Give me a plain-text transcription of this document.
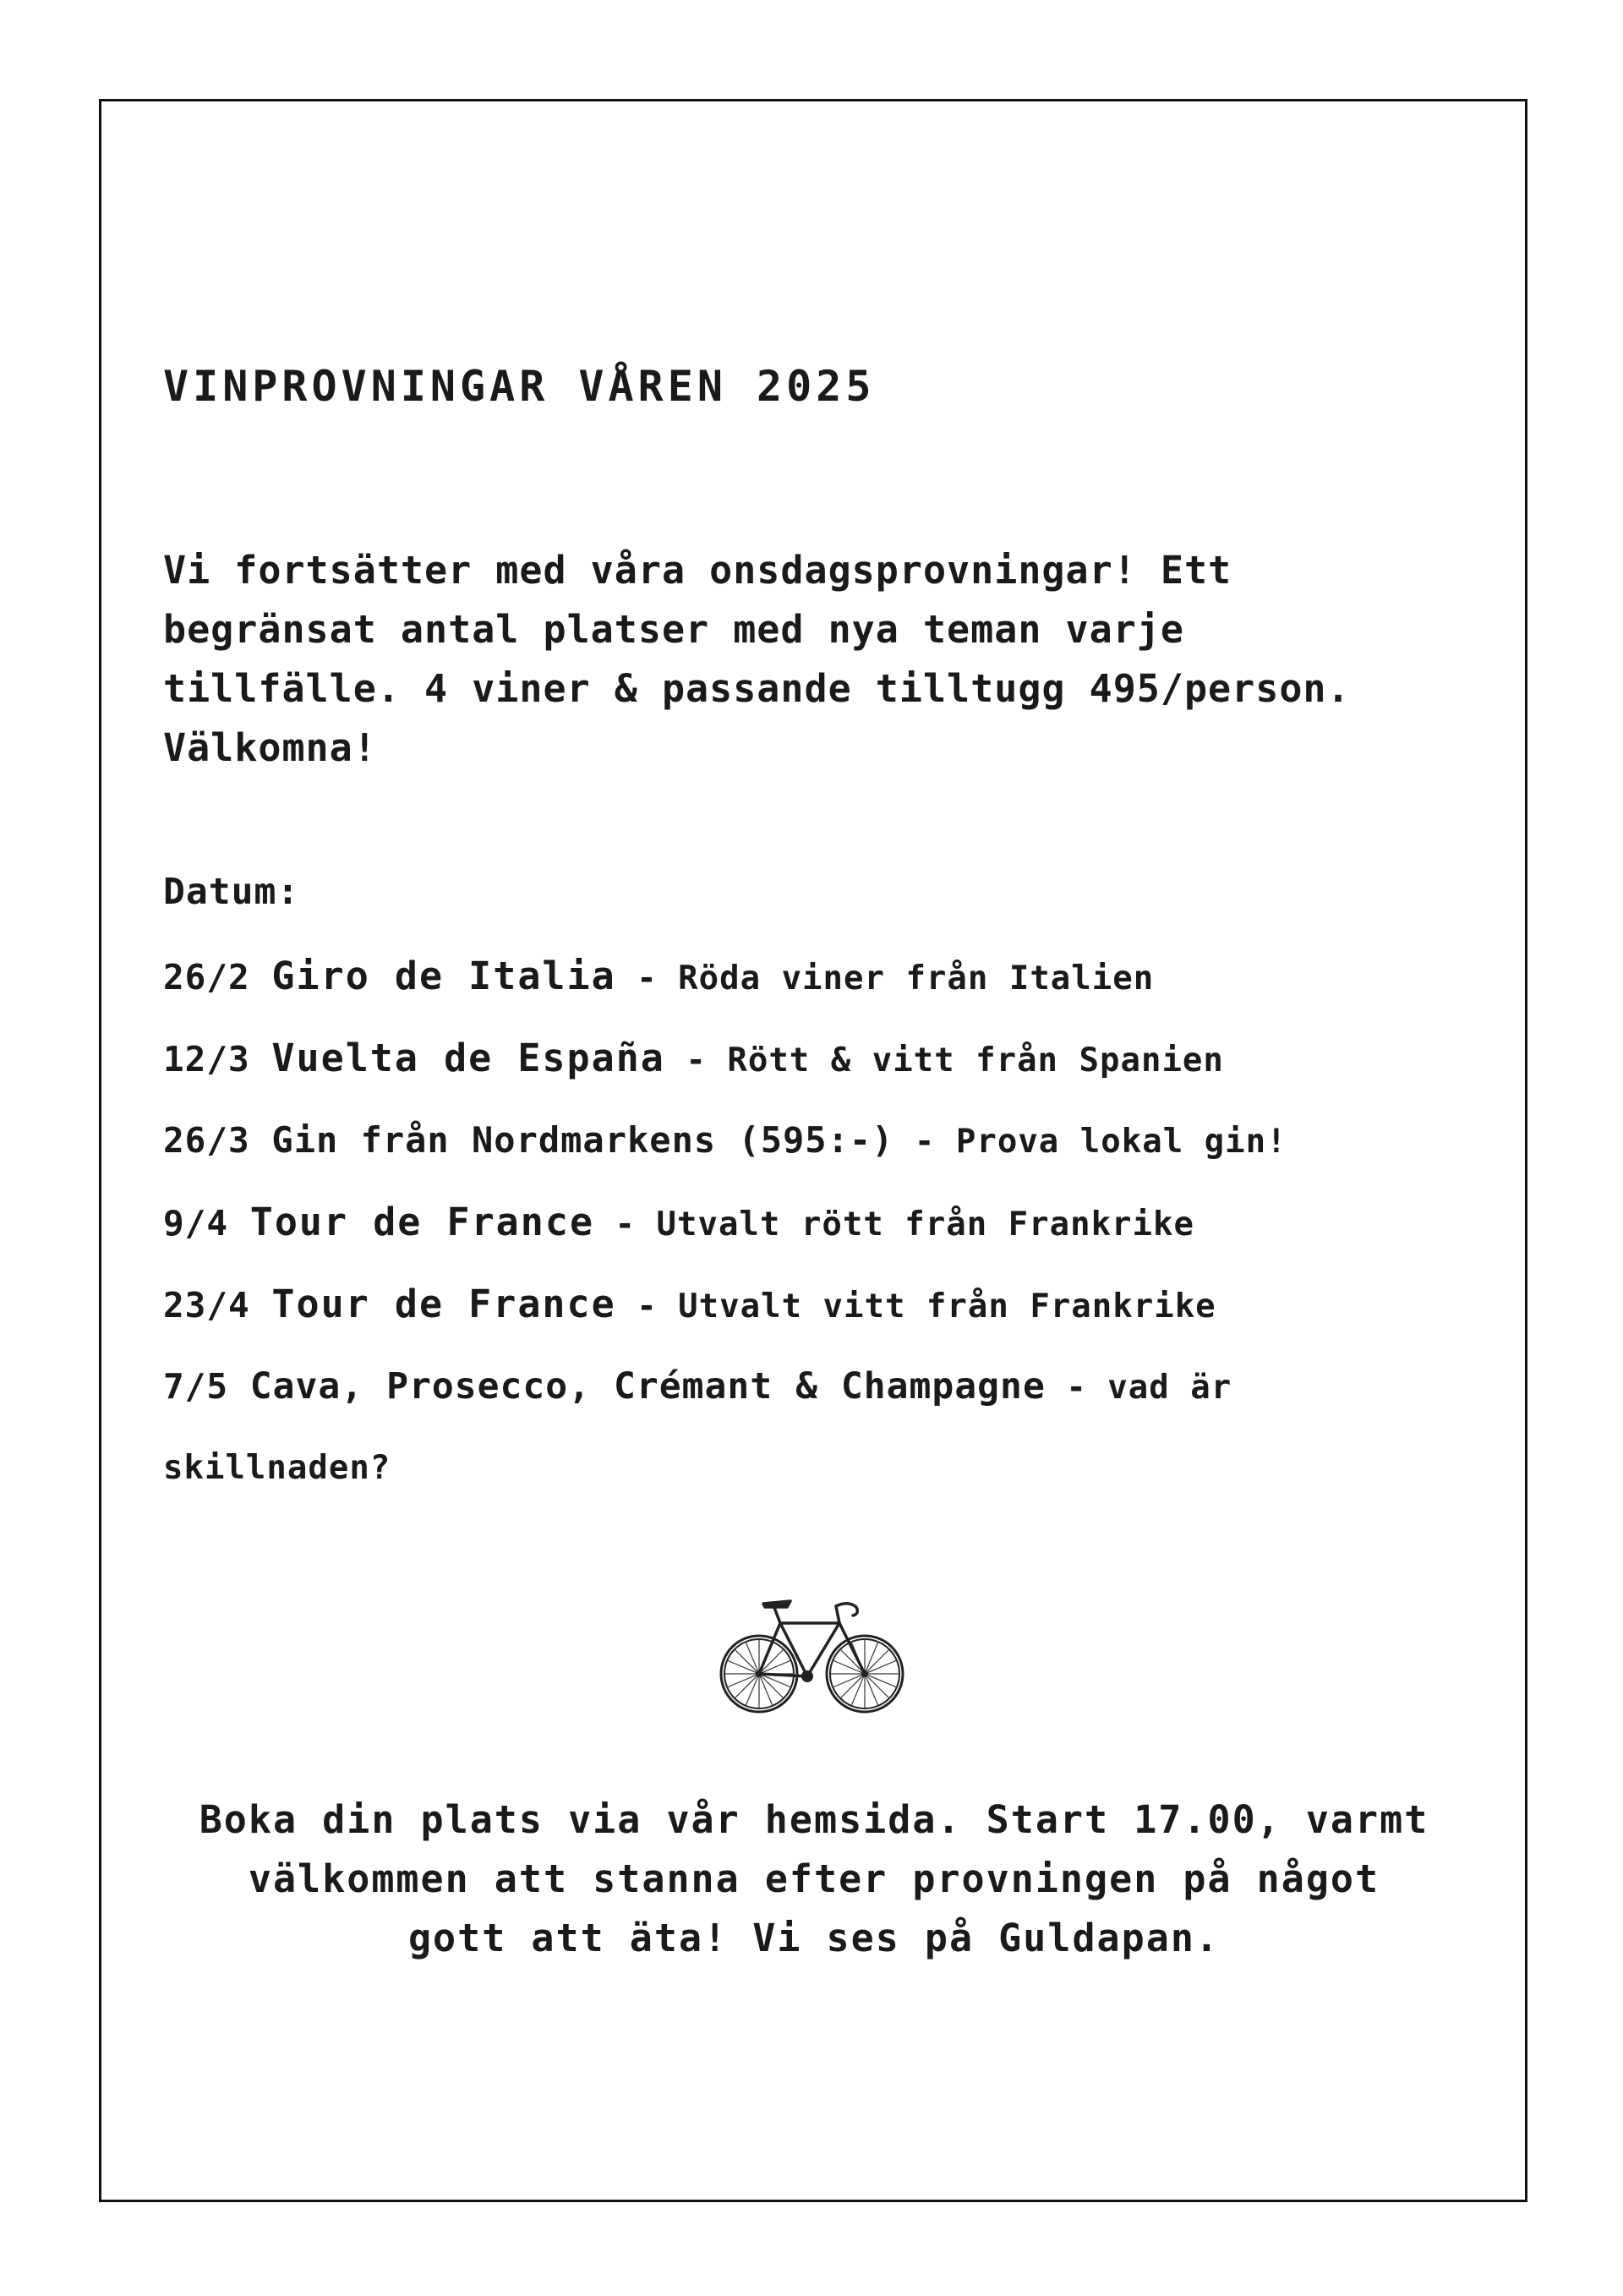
VINPROVNINGAR VÅREN 2025
Vi fortsätter med våra onsdagsprovningar! Ett
begränsat antal platser med nya teman varje
tillfälle. 4 viner & passande tilltugg 495/person.
Välkomna!
Datum:
26/2 Giro de Italia - Röda viner från Italien
12/3 Vuelta de España - Rött & vitt från Spanien
26/3 Gin från Nordmarkens (595:-) - Prova lokal gin!
9/4 Tour de France - Utvalt rött från Frankrike
23/4 Tour de France - Utvalt vitt från Frankrike
7/5 Cava, Prosecco, Crémant & Champagne - vad är
skillnaden?
Boka din plats via vår hemsida. Start 17.00, varmt
välkommen att stanna efter provningen på något
gott att äta! Vi ses på Guldapan.
